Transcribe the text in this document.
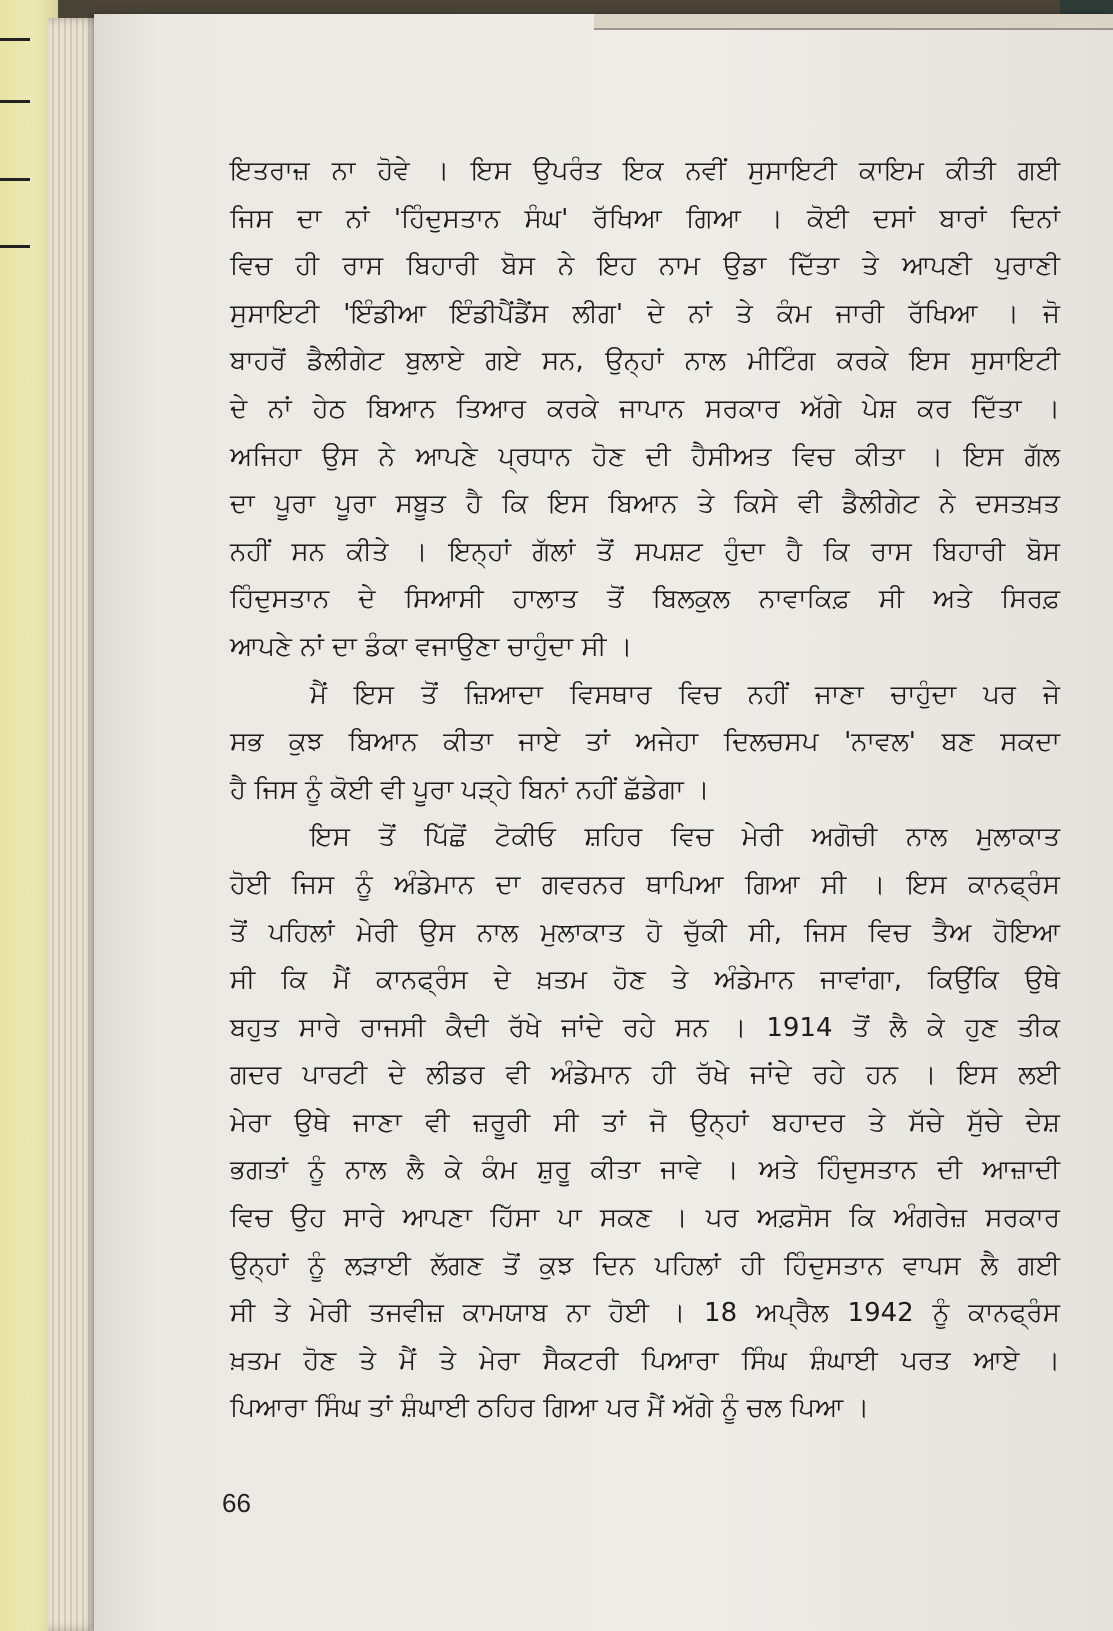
ਇਤਰਾਜ਼ ਨਾ ਹੋਵੇ । ਇਸ ਉਪਰੰਤ ਇਕ ਨਵੀਂ ਸੁਸਾਇਟੀ ਕਾਇਮ ਕੀਤੀ ਗਈ
ਜਿਸ ਦਾ ਨਾਂ 'ਹਿੰਦੁਸਤਾਨ ਸੰਘ' ਰੱਖਿਆ ਗਿਆ । ਕੋਈ ਦਸਾਂ ਬਾਰਾਂ ਦਿਨਾਂ
ਵਿਚ ਹੀ ਰਾਸ ਬਿਹਾਰੀ ਬੋਸ ਨੇ ਇਹ ਨਾਮ ਉਡਾ ਦਿੱਤਾ ਤੇ ਆਪਣੀ ਪੁਰਾਣੀ
ਸੁਸਾਇਟੀ 'ਇੰਡੀਆ ਇੰਡੀਪੈਂਡੈਂਸ ਲੀਗ' ਦੇ ਨਾਂ ਤੇ ਕੰਮ ਜਾਰੀ ਰੱਖਿਆ । ਜੋ
ਬਾਹਰੋਂ ਡੈਲੀਗੇਟ ਬੁਲਾਏ ਗਏ ਸਨ, ਉਨ੍ਹਾਂ ਨਾਲ ਮੀਟਿੰਗ ਕਰਕੇ ਇਸ ਸੁਸਾਇਟੀ
ਦੇ ਨਾਂ ਹੇਠ ਬਿਆਨ ਤਿਆਰ ਕਰਕੇ ਜਾਪਾਨ ਸਰਕਾਰ ਅੱਗੇ ਪੇਸ਼ ਕਰ ਦਿੱਤਾ ।
ਅਜਿਹਾ ਉਸ ਨੇ ਆਪਣੇ ਪ੍ਰਧਾਨ ਹੋਣ ਦੀ ਹੈਸੀਅਤ ਵਿਚ ਕੀਤਾ । ਇਸ ਗੱਲ
ਦਾ ਪੂਰਾ ਪੂਰਾ ਸਬੂਤ ਹੈ ਕਿ ਇਸ ਬਿਆਨ ਤੇ ਕਿਸੇ ਵੀ ਡੈਲੀਗੇਟ ਨੇ ਦਸਤਖ਼ਤ
ਨਹੀਂ ਸਨ ਕੀਤੇ । ਇਨ੍ਹਾਂ ਗੱਲਾਂ ਤੋਂ ਸਪਸ਼ਟ ਹੁੰਦਾ ਹੈ ਕਿ ਰਾਸ ਬਿਹਾਰੀ ਬੋਸ
ਹਿੰਦੁਸਤਾਨ ਦੇ ਸਿਆਸੀ ਹਾਲਾਤ ਤੋਂ ਬਿਲਕੁਲ ਨਾਵਾਕਿਫ਼ ਸੀ ਅਤੇ ਸਿਰਫ਼
ਆਪਣੇ ਨਾਂ ਦਾ ਡੰਕਾ ਵਜਾਉਣਾ ਚਾਹੁੰਦਾ ਸੀ ।
ਮੈਂ ਇਸ ਤੋਂ ਜ਼ਿਆਦਾ ਵਿਸਥਾਰ ਵਿਚ ਨਹੀਂ ਜਾਣਾ ਚਾਹੁੰਦਾ ਪਰ ਜੇ
ਸਭ ਕੁਝ ਬਿਆਨ ਕੀਤਾ ਜਾਏ ਤਾਂ ਅਜੇਹਾ ਦਿਲਚਸਪ 'ਨਾਵਲ' ਬਣ ਸਕਦਾ
ਹੈ ਜਿਸ ਨੂੰ ਕੋਈ ਵੀ ਪੂਰਾ ਪੜ੍ਹੇ ਬਿਨਾਂ ਨਹੀਂ ਛੱਡੇਗਾ ।
ਇਸ ਤੋਂ ਪਿੱਛੋਂ ਟੋਕੀਓ ਸ਼ਹਿਰ ਵਿਚ ਮੇਰੀ ਅਗੋਚੀ ਨਾਲ ਮੁਲਾਕਾਤ
ਹੋਈ ਜਿਸ ਨੂੰ ਅੰਡੇਮਾਨ ਦਾ ਗਵਰਨਰ ਥਾਪਿਆ ਗਿਆ ਸੀ । ਇਸ ਕਾਨਫ੍ਰੰਸ
ਤੋਂ ਪਹਿਲਾਂ ਮੇਰੀ ਉਸ ਨਾਲ ਮੁਲਾਕਾਤ ਹੋ ਚੁੱਕੀ ਸੀ, ਜਿਸ ਵਿਚ ਤੈਅ ਹੋਇਆ
ਸੀ ਕਿ ਮੈਂ ਕਾਨਫ੍ਰੰਸ ਦੇ ਖ਼ਤਮ ਹੋਣ ਤੇ ਅੰਡੇਮਾਨ ਜਾਵਾਂਗਾ, ਕਿਉਂਕਿ ਉਥੇ
ਬਹੁਤ ਸਾਰੇ ਰਾਜਸੀ ਕੈਦੀ ਰੱਖੇ ਜਾਂਦੇ ਰਹੇ ਸਨ । 1914 ਤੋਂ ਲੈ ਕੇ ਹੁਣ ਤੀਕ
ਗਦਰ ਪਾਰਟੀ ਦੇ ਲੀਡਰ ਵੀ ਅੰਡੇਮਾਨ ਹੀ ਰੱਖੇ ਜਾਂਦੇ ਰਹੇ ਹਨ । ਇਸ ਲਈ
ਮੇਰਾ ਉਥੇ ਜਾਣਾ ਵੀ ਜ਼ਰੂਰੀ ਸੀ ਤਾਂ ਜੋ ਉਨ੍ਹਾਂ ਬਹਾਦਰ ਤੇ ਸੱਚੇ ਸੁੱਚੇ ਦੇਸ਼
ਭਗਤਾਂ ਨੂੰ ਨਾਲ ਲੈ ਕੇ ਕੰਮ ਸ਼ੁਰੂ ਕੀਤਾ ਜਾਵੇ । ਅਤੇ ਹਿੰਦੁਸਤਾਨ ਦੀ ਆਜ਼ਾਦੀ
ਵਿਚ ਉਹ ਸਾਰੇ ਆਪਣਾ ਹਿੱਸਾ ਪਾ ਸਕਣ । ਪਰ ਅਫ਼ਸੋਸ ਕਿ ਅੰਗਰੇਜ਼ ਸਰਕਾਰ
ਉਨ੍ਹਾਂ ਨੂੰ ਲੜਾਈ ਲੱਗਣ ਤੋਂ ਕੁਝ ਦਿਨ ਪਹਿਲਾਂ ਹੀ ਹਿੰਦੁਸਤਾਨ ਵਾਪਸ ਲੈ ਗਈ
ਸੀ ਤੇ ਮੇਰੀ ਤਜਵੀਜ਼ ਕਾਮਯਾਬ ਨਾ ਹੋਈ । 18 ਅਪ੍ਰੈਲ 1942 ਨੂੰ ਕਾਨਫ੍ਰੰਸ
ਖ਼ਤਮ ਹੋਣ ਤੇ ਮੈਂ ਤੇ ਮੇਰਾ ਸੈਕਟਰੀ ਪਿਆਰਾ ਸਿੰਘ ਸ਼ੰਘਾਈ ਪਰਤ ਆਏ ।
ਪਿਆਰਾ ਸਿੰਘ ਤਾਂ ਸ਼ੰਘਾਈ ਠਹਿਰ ਗਿਆ ਪਰ ਮੈਂ ਅੱਗੇ ਨੂੰ ਚਲ ਪਿਆ ।
66
